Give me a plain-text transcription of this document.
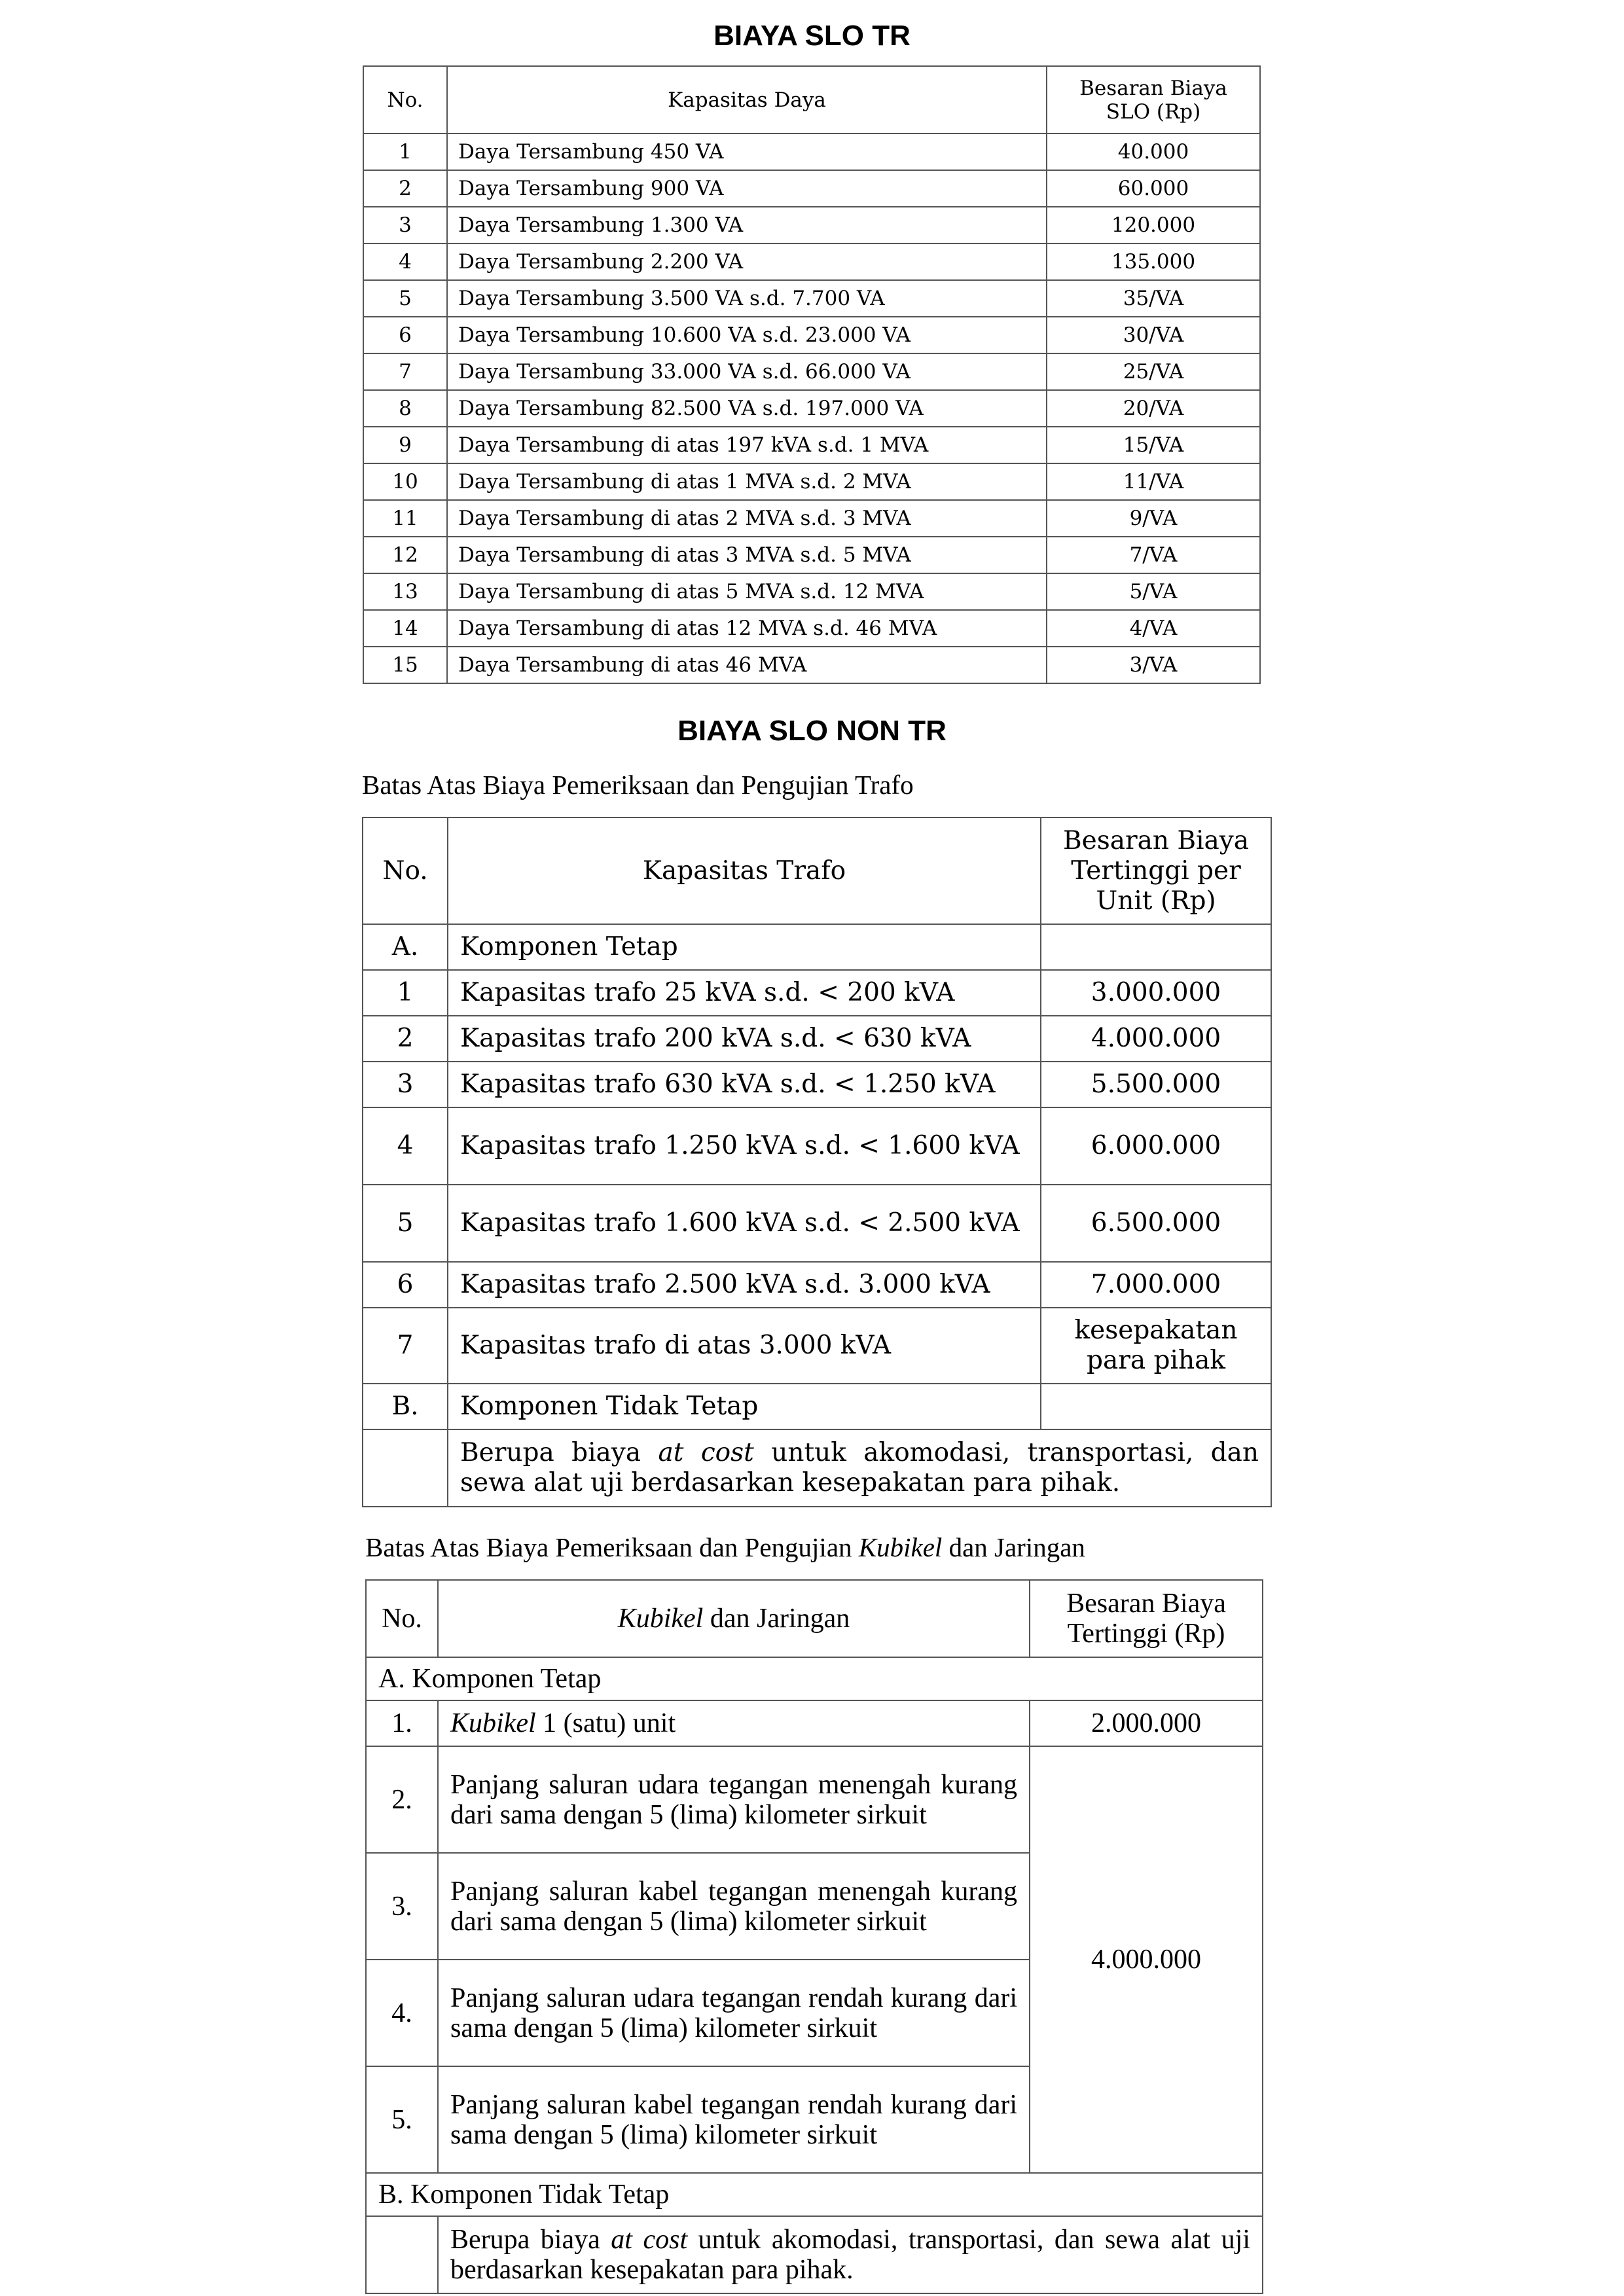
BIAYA SLO TR
No.	Kapasitas Daya	Besaran Biaya SLO (Rp)
1	Daya Tersambung 450 VA	40.000
2	Daya Tersambung 900 VA	60.000
3	Daya Tersambung 1.300 VA	120.000
4	Daya Tersambung 2.200 VA	135.000
5	Daya Tersambung 3.500 VA s.d. 7.700 VA	35/VA
6	Daya Tersambung 10.600 VA s.d. 23.000 VA	30/VA
7	Daya Tersambung 33.000 VA s.d. 66.000 VA	25/VA
8	Daya Tersambung 82.500 VA s.d. 197.000 VA	20/VA
9	Daya Tersambung di atas 197 kVA s.d. 1 MVA	15/VA
10	Daya Tersambung di atas 1 MVA s.d. 2 MVA	11/VA
11	Daya Tersambung di atas 2 MVA s.d. 3 MVA	9/VA
12	Daya Tersambung di atas 3 MVA s.d. 5 MVA	7/VA
13	Daya Tersambung di atas 5 MVA s.d. 12 MVA	5/VA
14	Daya Tersambung di atas 12 MVA s.d. 46 MVA	4/VA
15	Daya Tersambung di atas 46 MVA	3/VA
BIAYA SLO NON TR
Batas Atas Biaya Pemeriksaan dan Pengujian Trafo
No.	Kapasitas Trafo	Besaran Biaya Tertinggi per Unit (Rp)
A.	Komponen Tetap	
1	Kapasitas trafo 25 kVA s.d. < 200 kVA	3.000.000
2	Kapasitas trafo 200 kVA s.d. < 630 kVA	4.000.000
3	Kapasitas trafo 630 kVA s.d. < 1.250 kVA	5.500.000
4	Kapasitas trafo 1.250 kVA s.d. < 1.600 kVA	6.000.000
5	Kapasitas trafo 1.600 kVA s.d. < 2.500 kVA	6.500.000
6	Kapasitas trafo 2.500 kVA s.d. 3.000 kVA	7.000.000
7	Kapasitas trafo di atas 3.000 kVA	kesepakatan para pihak
B.	Komponen Tidak Tetap	
	Berupa biaya at cost untuk akomodasi, transportasi, dan sewa alat uji berdasarkan kesepakatan para pihak.	
Batas Atas Biaya Pemeriksaan dan Pengujian Kubikel dan Jaringan
No.	Kubikel dan Jaringan	Besaran Biaya Tertinggi (Rp)
A. Komponen Tetap		
1.	Kubikel 1 (satu) unit	2.000.000
2.	Panjang saluran udara tegangan menengah kurang dari sama dengan 5 (lima) kilometer sirkuit	4.000.000
3.	Panjang saluran kabel tegangan menengah kurang dari sama dengan 5 (lima) kilometer sirkuit	
4.	Panjang saluran udara tegangan rendah kurang dari sama dengan 5 (lima) kilometer sirkuit	
5.	Panjang saluran kabel tegangan rendah kurang dari sama dengan 5 (lima) kilometer sirkuit	
B. Komponen Tidak Tetap		
	Berupa biaya at cost untuk akomodasi, transportasi, dan sewa alat uji berdasarkan kesepakatan para pihak.	
